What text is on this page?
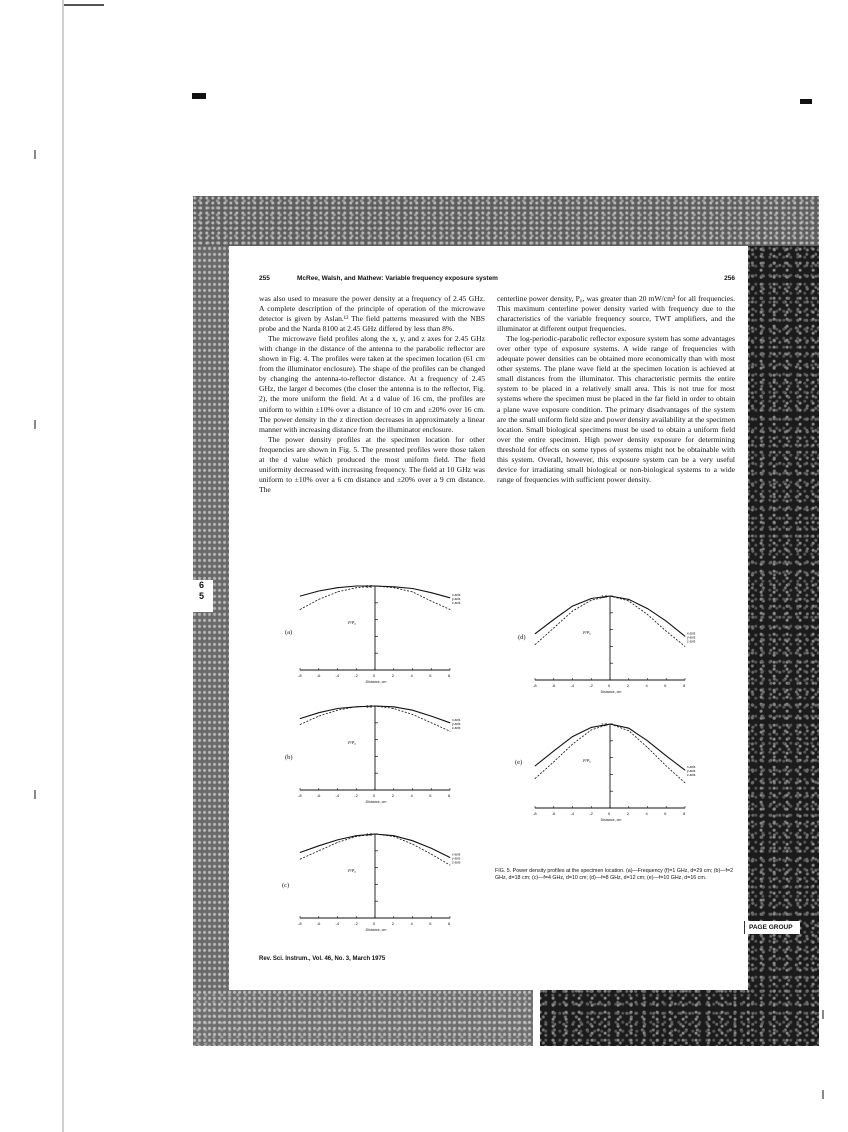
255	McRee, Walsh, and Mathew: Variable frequency exposure system	256

was also used to measure the power density at a frequency of 2.45 GHz. A complete description of the principle of operation of the microwave detector is given by Aslan.¹² The field patterns measured with the NBS probe and the Narda 8100 at 2.45 GHz differed by less than 8%.

The microwave field profiles along the x, y, and z axes for 2.45 GHz with change in the distance of the antenna to the parabolic reflector are shown in Fig. 4. The profiles were taken at the specimen location (61 cm from the illuminator enclosure). The shape of the profiles can be changed by changing the antenna-to-reflector distance. At a frequency of 2.45 GHz, the larger d becomes (the closer the antenna is to the reflector, Fig. 2), the more uniform the field. At a d value of 16 cm, the profiles are uniform to within ±10% over a distance of 10 cm and ±20% over 16 cm. The power density in the z direction decreases in approximately a linear manner with increasing distance from the illuminator enclosure.

The power density profiles at the specimen location for other frequencies are shown in Fig. 5. The presented profiles were those taken at the d value which produced the most uniform field. The field uniformity decreased with increasing frequency. The field at 10 GHz was uniform to ±10% over a 6 cm distance and ±20% over a 9 cm distance. The

centerline power density, P₀, was greater than 20 mW/cm² for all frequencies. This maximum centerline power density varied with frequency due to the characteristics of the variable frequency source, TWT amplifiers, and the illuminator at different output frequencies.

The log-periodic-parabolic reflector exposure system has some advantages over other type of exposure systems. A wide range of frequencies with adequate power densities can be obtained more economically than with most other systems. The plane wave field at the specimen location is achieved at small distances from the illuminator. This characteristic permits the entire system to be placed in a relatively small area. This is not true for most systems where the specimen must be placed in the far field in order to obtain a plane wave exposure condition. The primary disadvantages of the system are the small uniform field size and power density availability at the specimen location. Small biological specimens must be used to obtain a uniform field over the entire specimen. High power density exposure for determining threshold for effects on some types of systems might not be obtainable with this system. Overall, however, this exposure system can be a very useful device for irradiating small biological or non-biological systems to a wide range of frequencies with sufficient power density.

6
5
1.0
-8	-6	-4	-2	0	2	4	6	8
Distance, cm
P/P₀
x-axis
y-axis
z-axis
1.0
-8	-6	-4	-2	0	2	4	6	8
Distance, cm
P/P₀
x-axis
y-axis
z-axis
1.0
-8	-6	-4	-2	0	2	4	6	8
Distance, cm
P/P₀
x-axis
y-axis
z-axis
1.0
-8	-6	-4	-2	0	2	4	6	8
Distance, cm
P/P₀	x-axis
y-axis
z-axis
1.0
-8	-6	-4	-2	0	2	4	6	8
Distance, cm
P/P₀
x-axis
y-axis
z-axis
(a)
(b)
(c)
(d)
(e)
FIG. 5. Power density profiles at the specimen location. (a)—Frequency (f)=1 GHz, d=29 cm; (b)—f=2 GHz, d=18 cm; (c)—f=4 GHz, d=10 cm; (d)—f=8 GHz, d=12 cm; (e)—f=10 GHz, d=16 cm.
Rev. Sci. Instrum., Vol. 46, No. 3, March 1975
PAGE GROUP
